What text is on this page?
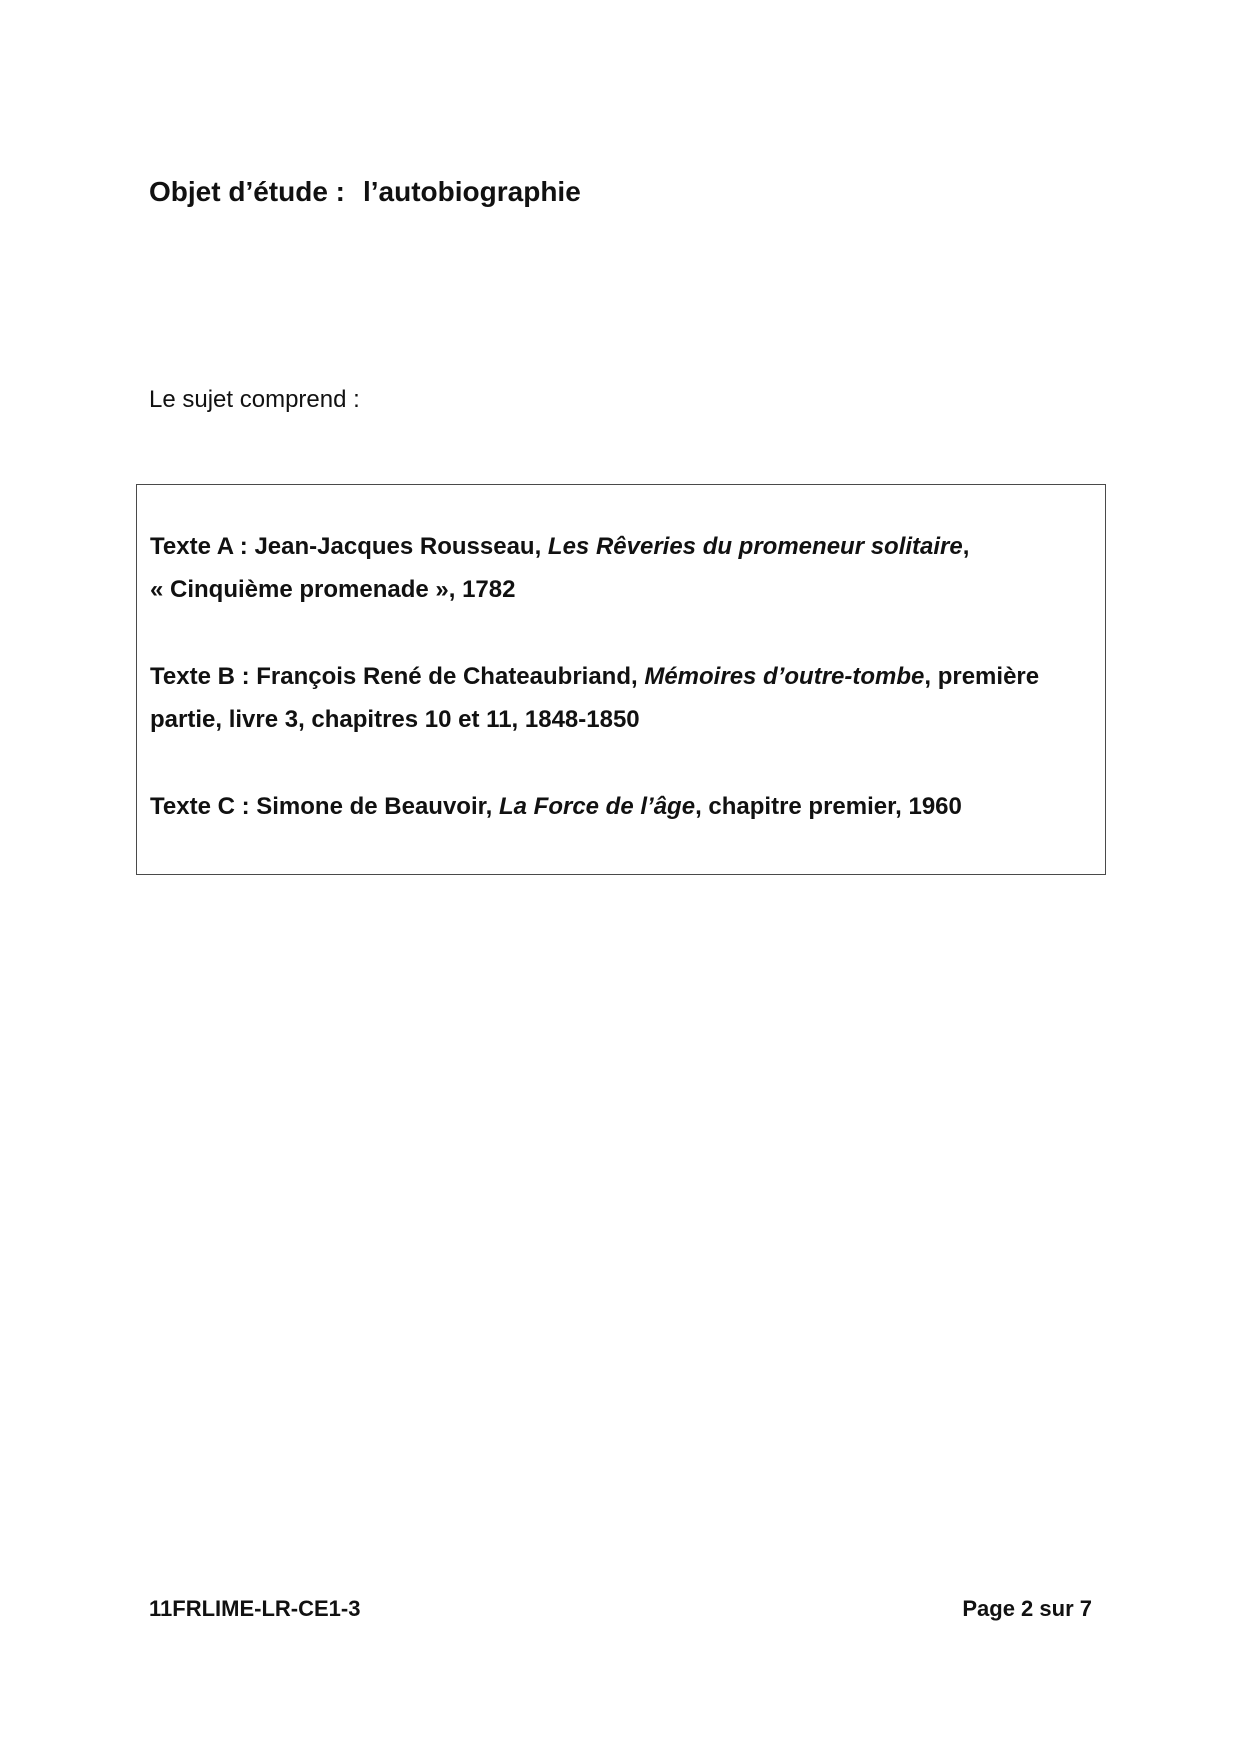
Objet d’étude : l’autobiographie
Le sujet comprend :
Texte A : Jean-Jacques Rousseau, Les Rêveries du promeneur solitaire,
« Cinquième promenade », 1782
Texte B : François René de Chateaubriand, Mémoires d’outre-tombe, première
partie, livre 3, chapitres 10 et 11, 1848-1850
Texte C : Simone de Beauvoir, La Force de l’âge, chapitre premier, 1960
11FRLIME-LR-CE1-3	Page 2 sur 7
